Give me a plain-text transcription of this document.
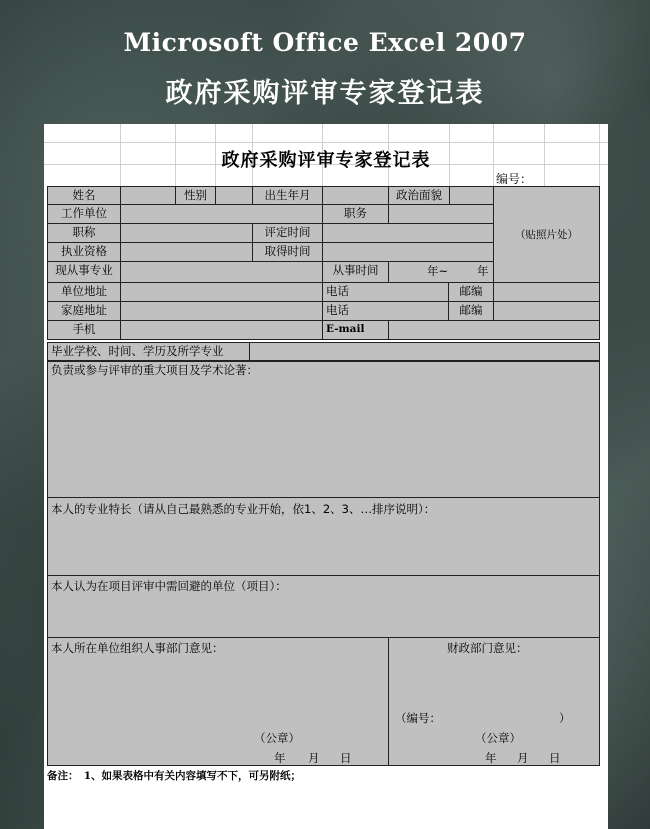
Microsoft Office Excel 2007
政府采购评审专家登记表
政府采购评审专家登记表
编号：
姓名	性别	出生年月	政治面貌
（贴照片处）
工作单位	职务
职称	评定时间
执业资格	取得时间
现从事专业	从事时间	年~	年
单位地址	电话	邮编
家庭地址	电话	邮编
手机	E-mail
毕业学校、时间、学历及所学专业
负责或参与评审的重大项目及学术论著：
本人的专业特长（请从自己最熟悉的专业开始，依1、2、3、…排序说明）：
本人认为在项目评审中需回避的单位（项目）：
本人所在单位组织人事部门意见：
（公章）
年 月 日
财政部门意见：
（编号：	）
（公章）
年 月 日
备注：　1、如果表格中有关内容填写不下，可另附纸；
